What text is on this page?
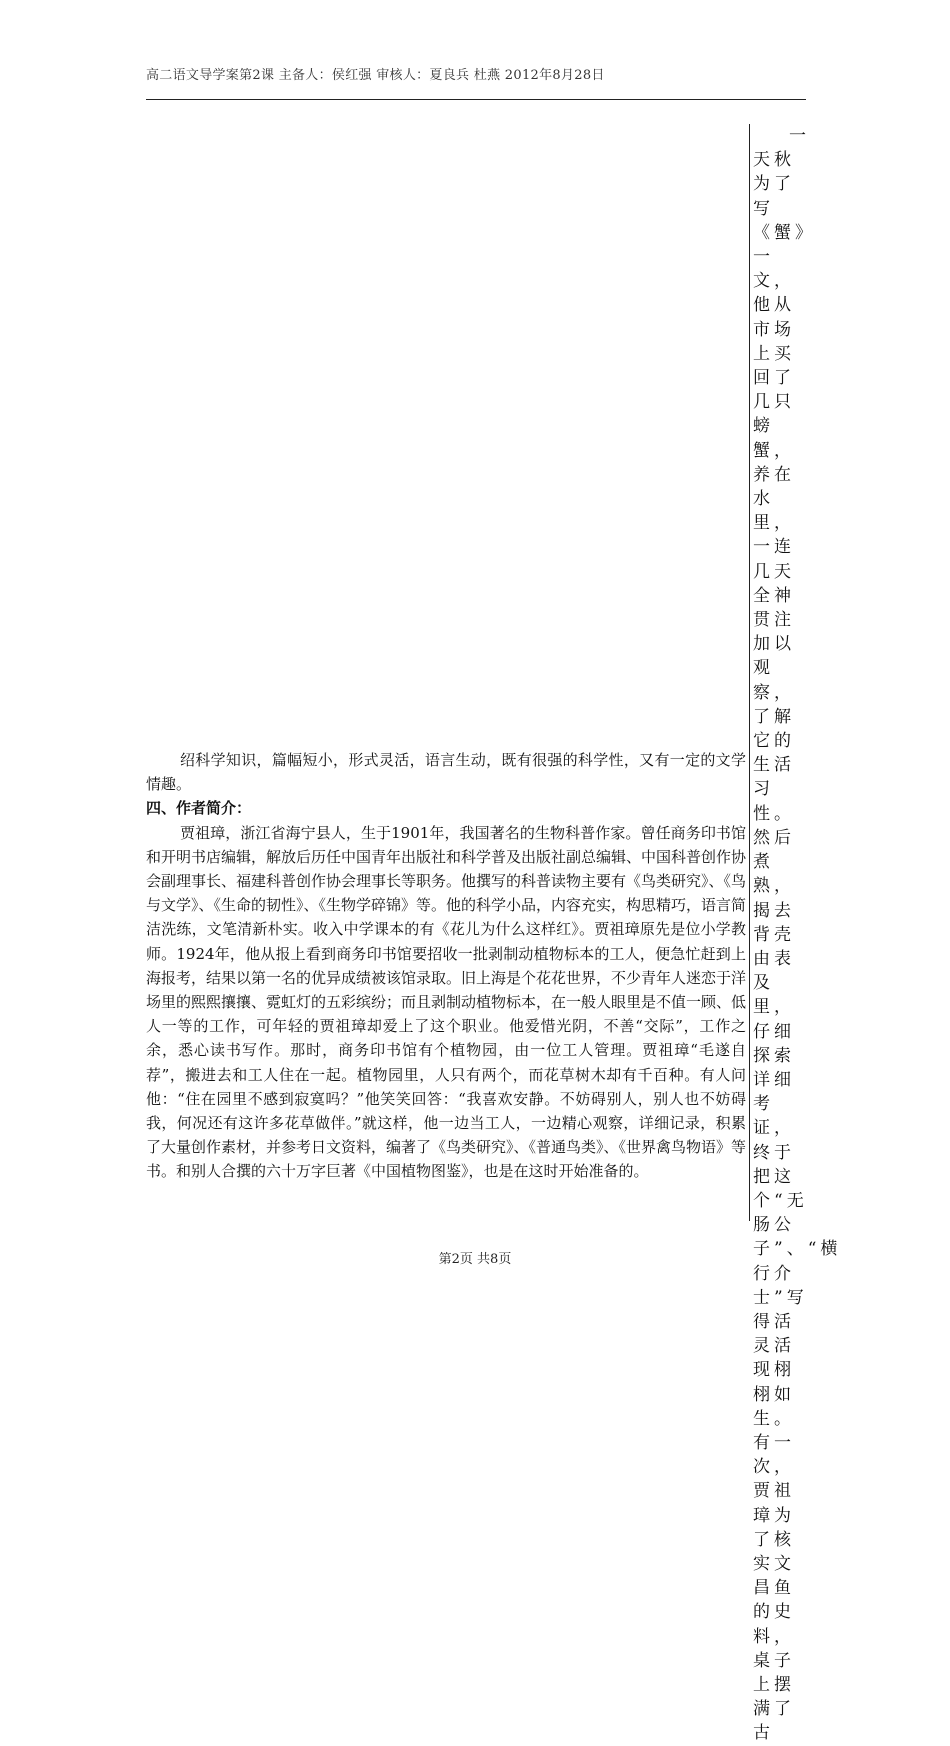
高二语文导学案第2课 主备人：侯红强 审核人：夏良兵 杜燕 2012年8月28日
一天秋为了写《蟹》一文，他从市场上买回了几只螃蟹，养在水里，一连几天全神贯注加以观察，了解它的生活习性。然后煮熟，揭去背壳由表及里，仔细探索详细考证，终于把这个“无肠公子”、“横行介士”写得活灵活现栩栩如生。有一次，贾祖璋为了核实文昌鱼的史料，桌子上摆满了古

绍科学知识，篇幅短小，形式灵活，语言生动，既有很强的科学性，又有一定的文学情趣。

四、作者简介：

贾祖璋，浙江省海宁县人，生于1901年，我国著名的生物科普作家。曾任商务印书馆和开明书店编辑，解放后历任中国青年出版社和科学普及出版社副总编辑、中国科普创作协会副理事长、福建科普创作协会理事长等职务。他撰写的科普读物主要有《鸟类研究》、《鸟与文学》、《生命的韧性》、《生物学碎锦》等。他的科学小品，内容充实，构思精巧，语言简洁洗练，文笔清新朴实。收入中学课本的有《花儿为什么这样红》。贾祖璋原先是位小学教师。1924年，他从报上看到商务印书馆要招收一批剥制动植物标本的工人，便急忙赶到上海报考，结果以第一名的优异成绩被该馆录取。旧上海是个花花世界，不少青年人迷恋于洋场里的熙熙攘攘、霓虹灯的五彩缤纷；而且剥制动植物标本，在一般人眼里是不值一顾、低人一等的工作，可年轻的贾祖璋却爱上了这个职业。他爱惜光阴，不善“交际”，工作之余，悉心读书写作。那时，商务印书馆有个植物园，由一位工人管理。贾祖璋“毛遂自荐”，搬进去和工人住在一起。植物园里，人只有两个，而花草树木却有千百种。有人问他：“住在园里不感到寂寞吗？”他笑笑回答：“我喜欢安静。不妨碍别人，别人也不妨碍我，何况还有这许多花草做伴。”就这样，他一边当工人，一边精心观察，详细记录，积累了大量创作素材，并参考日文资料，编著了《鸟类研究》、《普通鸟类》、《世界禽鸟物语》等书。和别人合撰的六十万字巨著《中国植物图鉴》，也是在这时开始准备的。

第2页 共8页
